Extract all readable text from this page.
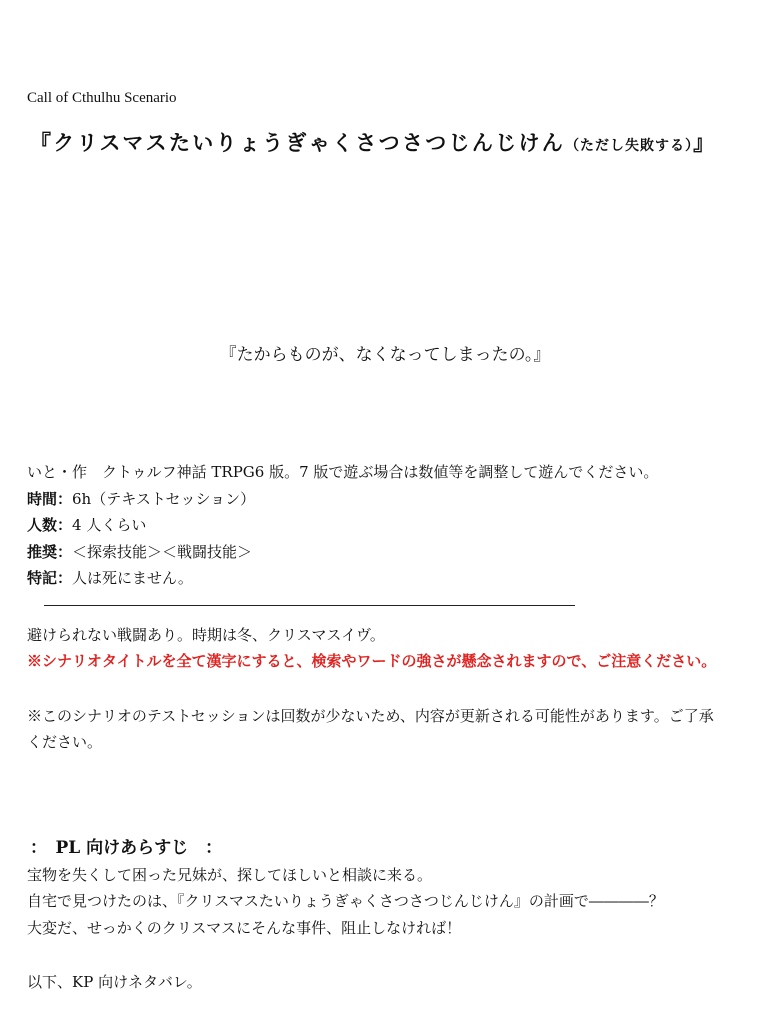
Call of Cthulhu Scenario
『クリスマスたいりょうぎゃくさつさつじんじけん（ただし失敗する）』
『たからものが、なくなってしまったの。』
いと・作　クトゥルフ神話 TRPG6 版。7 版で遊ぶ場合は数値等を調整して遊んでください。
時間：6h（テキストセッション）
人数：4 人くらい
推奨：＜探索技能＞＜戦闘技能＞
特記：人は死にません。
避けられない戦闘あり。時期は冬、クリスマスイヴ。
※シナリオタイトルを全て漢字にすると、検索やワードの強さが懸念されますので、ご注意ください。
※このシナリオのテストセッションは回数が少ないため、内容が更新される可能性があります。ご了承
ください。
：　PL 向けあらすじ　：
宝物を失くして困った兄妹が、探してほしいと相談に来る。
自宅で見つけたのは、『クリスマスたいりょうぎゃくさつさつじんじけん』の計画で――――？
大変だ、せっかくのクリスマスにそんな事件、阻止しなければ！
以下、KP 向けネタバレ。
